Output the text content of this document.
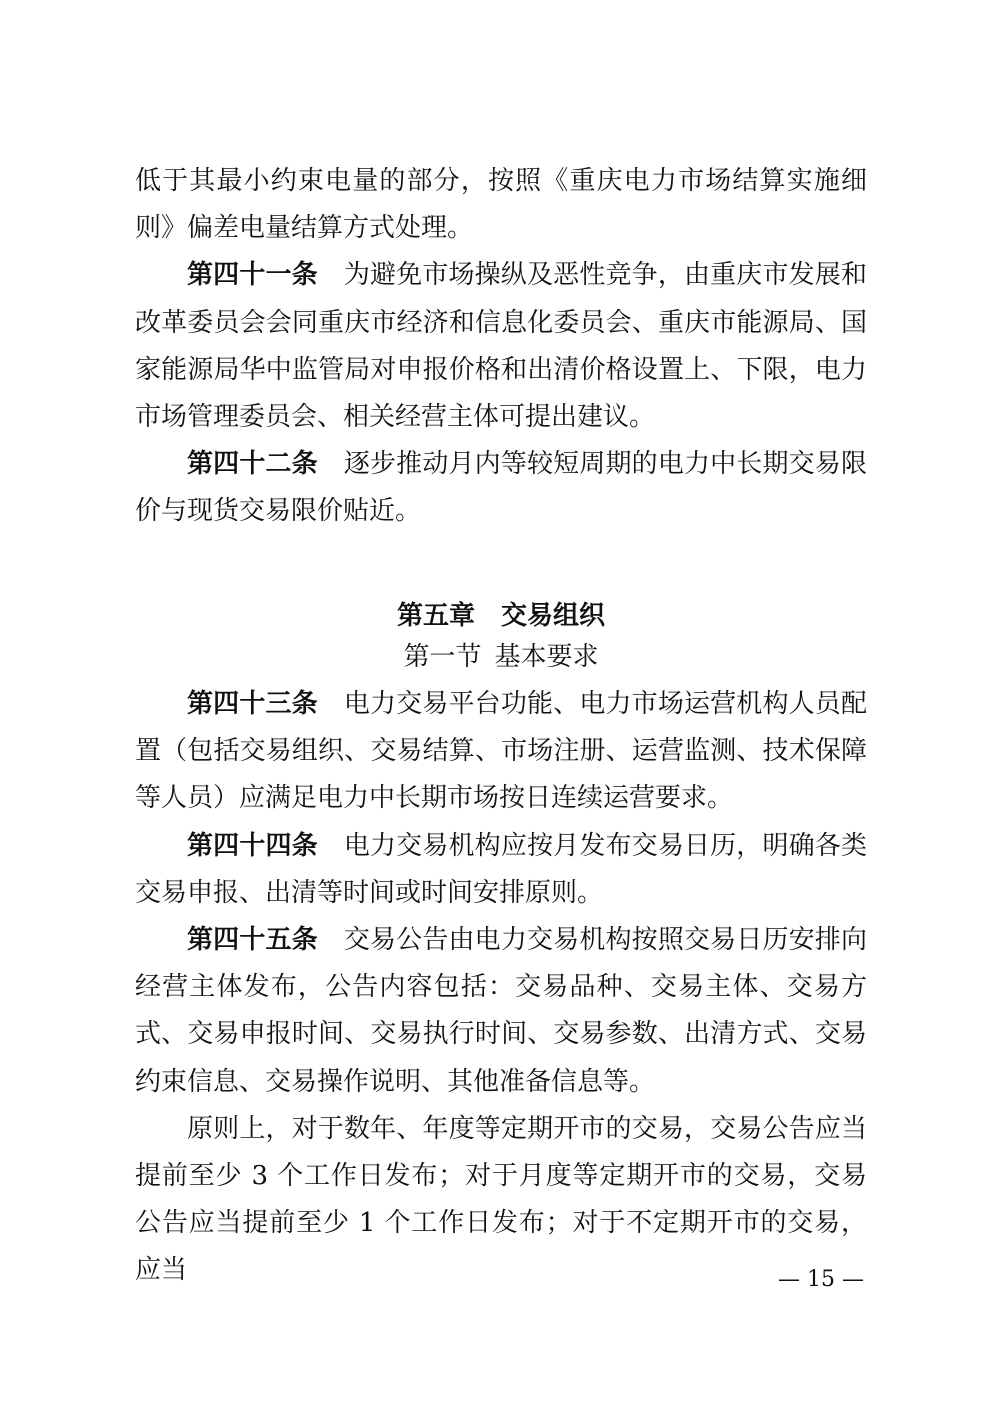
低于其最小约束电量的部分，按照《重庆电力市场结算实施细则》偏差电量结算方式处理。

第四十一条 为避免市场操纵及恶性竞争，由重庆市发展和改革委员会会同重庆市经济和信息化委员会、重庆市能源局、国家能源局华中监管局对申报价格和出清价格设置上、下限，电力市场管理委员会、相关经营主体可提出建议。

第四十二条 逐步推动月内等较短周期的电力中长期交易限价与现货交易限价贴近。

第五章 交易组织

第一节 基本要求

第四十三条 电力交易平台功能、电力市场运营机构人员配置（包括交易组织、交易结算、市场注册、运营监测、技术保障等人员）应满足电力中长期市场按日连续运营要求。

第四十四条 电力交易机构应按月发布交易日历，明确各类交易申报、出清等时间或时间安排原则。

第四十五条 交易公告由电力交易机构按照交易日历安排向经营主体发布，公告内容包括：交易品种、交易主体、交易方式、交易申报时间、交易执行时间、交易参数、出清方式、交易约束信息、交易操作说明、其他准备信息等。

原则上，对于数年、年度等定期开市的交易，交易公告应当提前至少 3 个工作日发布；对于月度等定期开市的交易，交易公告应当提前至少 1 个工作日发布；对于不定期开市的交易，应当	— 15 —
